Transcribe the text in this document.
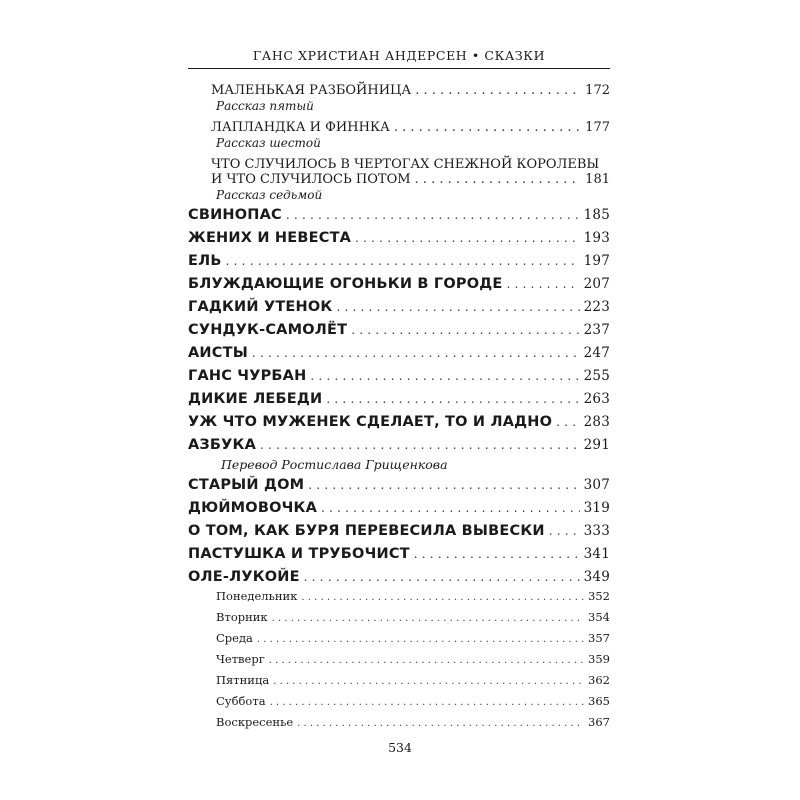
ГАНС ХРИСТИАН АНДЕРСЕН • СКАЗКИ
МАЛЕНЬКАЯ РАЗБОЙНИЦА . . .	172
Рассказ пятый
ЛАПЛАНДКА И ФИННКА . . .	177
Рассказ шестой
ЧТО СЛУЧИЛОСЬ В ЧЕРТОГАХ СНЕЖНОЙ КОРОЛЕВЫ
И ЧТО СЛУЧИЛОСЬ ПОТОМ . . .	181
Рассказ седьмой
СВИНОПАС . . .	185
ЖЕНИХ И НЕВЕСТА . . .	193
ЕЛЬ . . .	197
БЛУЖДАЮЩИЕ ОГОНЬКИ В ГОРОДЕ . . .	207
ГАДКИЙ УТЕНОК . . .	223
СУНДУК-САМОЛЁТ . . .	237
АИСТЫ . . .	247
ГАНС ЧУРБАН . . .	255
ДИКИЕ ЛЕБЕДИ . . .	263
УЖ ЧТО МУЖЕНЕК СДЕЛАЕТ, ТО И ЛАДНО . . . 283
АЗБУКА . . .	291
Перевод Ростислава Грищенкова
СТАРЫЙ ДОМ . . .	307
ДЮЙМОВОЧКА . . .	319
О ТОМ, КАК БУРЯ ПЕРЕВЕСИЛА ВЫВЕСКИ . . .	333
ПАСТУШКА И ТРУБОЧИСТ . . .	341
ОЛЕ-ЛУКОЙЕ . . .	349
Понедельник . . .	352
Вторник . . .	354
Среда . . .	357
Четверг . . .	359
Пятница . . .	362
Суббота . . .	365
Воскресенье . . .	367
534
